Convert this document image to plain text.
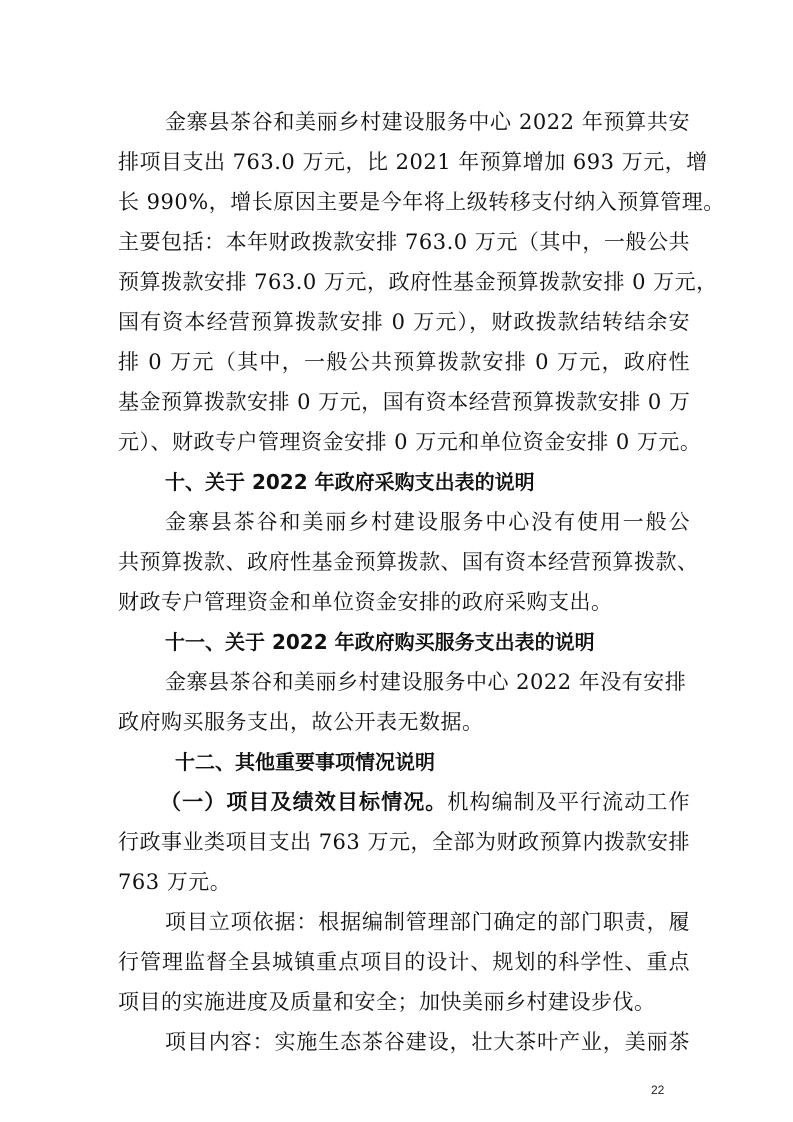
金寨县茶谷和美丽乡村建设服务中心 2022 年预算共安
排项目支出 763.0 万元，比 2021 年预算增加 693 万元，增
长 990%，增长原因主要是今年将上级转移支付纳入预算管理。
主要包括：本年财政拨款安排 763.0 万元（其中，一般公共
预算拨款安排 763.0 万元，政府性基金预算拨款安排 0 万元，
国有资本经营预算拨款安排 0 万元），财政拨款结转结余安
排 0 万元（其中，一般公共预算拨款安排 0 万元，政府性
基金预算拨款安排 0 万元，国有资本经营预算拨款安排 0 万
元）、财政专户管理资金安排 0 万元和单位资金安排 0 万元。
十、关于 2022 年政府采购支出表的说明
金寨县茶谷和美丽乡村建设服务中心没有使用一般公
共预算拨款、政府性基金预算拨款、国有资本经营预算拨款、
财政专户管理资金和单位资金安排的政府采购支出。
十一、关于 2022 年政府购买服务支出表的说明
金寨县茶谷和美丽乡村建设服务中心 2022 年没有安排
政府购买服务支出，故公开表无数据。
十二、其他重要事项情况说明
（一）项目及绩效目标情况。机构编制及平行流动工作
行政事业类项目支出 763 万元，全部为财政预算内拨款安排
763 万元。
项目立项依据：根据编制管理部门确定的部门职责，履
行管理监督全县城镇重点项目的设计、规划的科学性、重点
项目的实施进度及质量和安全；加快美丽乡村建设步伐。
项目内容：实施生态茶谷建设，壮大茶叶产业，美丽茶
22
